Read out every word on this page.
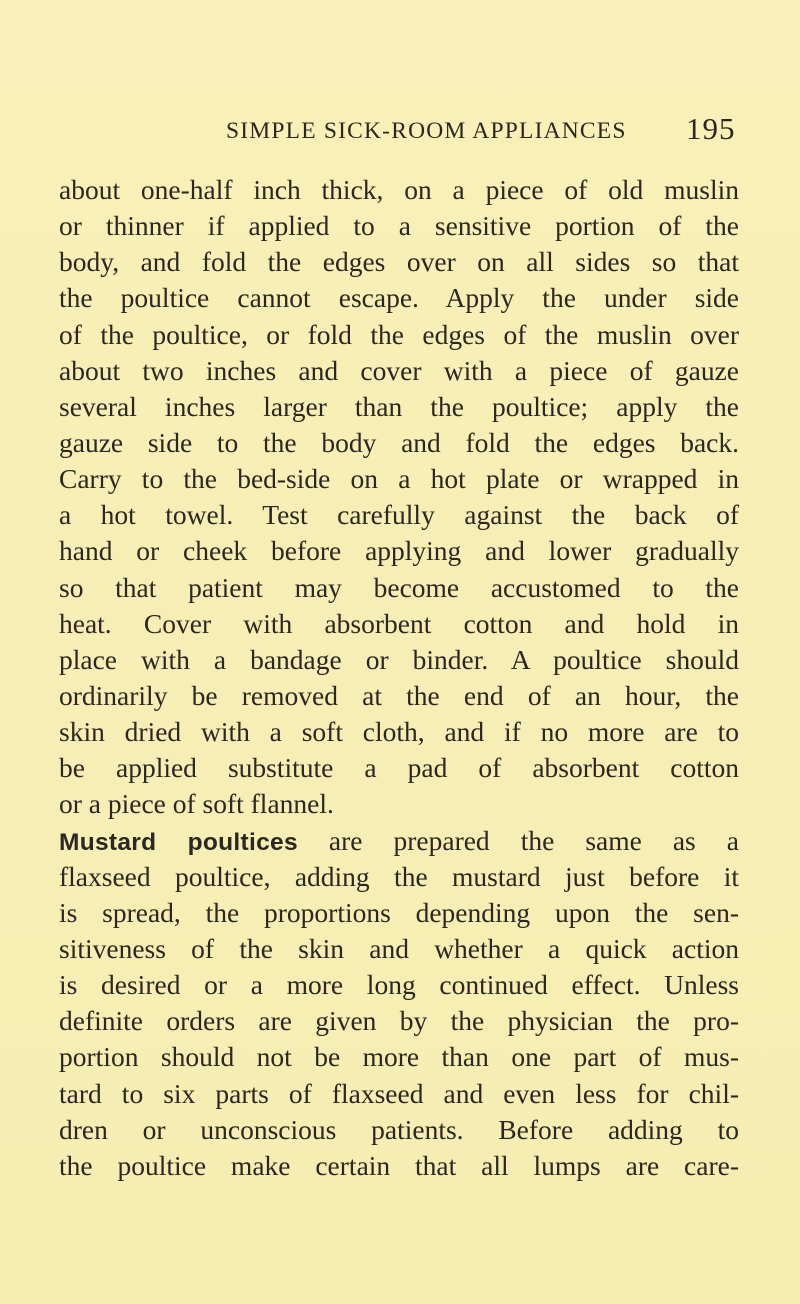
SIMPLE SICK-ROOM APPLIANCES 195
about one-half inch thick, on a piece of old muslin
or thinner if applied to a sensitive portion of the
body, and fold the edges over on all sides so that
the poultice cannot escape. Apply the under side
of the poultice, or fold the edges of the muslin over
about two inches and cover with a piece of gauze
several inches larger than the poultice; apply the
gauze side to the body and fold the edges back.
Carry to the bed-side on a hot plate or wrapped in
a hot towel. Test carefully against the back of
hand or cheek before applying and lower gradually
so that patient may become accustomed to the
heat. Cover with absorbent cotton and hold in
place with a bandage or binder. A poultice should
ordinarily be removed at the end of an hour, the
skin dried with a soft cloth, and if no more are to
be applied substitute a pad of absorbent cotton
or a piece of soft flannel.
Mustard poultices are prepared the same as a
flaxseed poultice, adding the mustard just before it
is spread, the proportions depending upon the sen-
sitiveness of the skin and whether a quick action
is desired or a more long continued effect. Unless
definite orders are given by the physician the pro-
portion should not be more than one part of mus-
tard to six parts of flaxseed and even less for chil-
dren or unconscious patients. Before adding to
the poultice make certain that all lumps are care-
